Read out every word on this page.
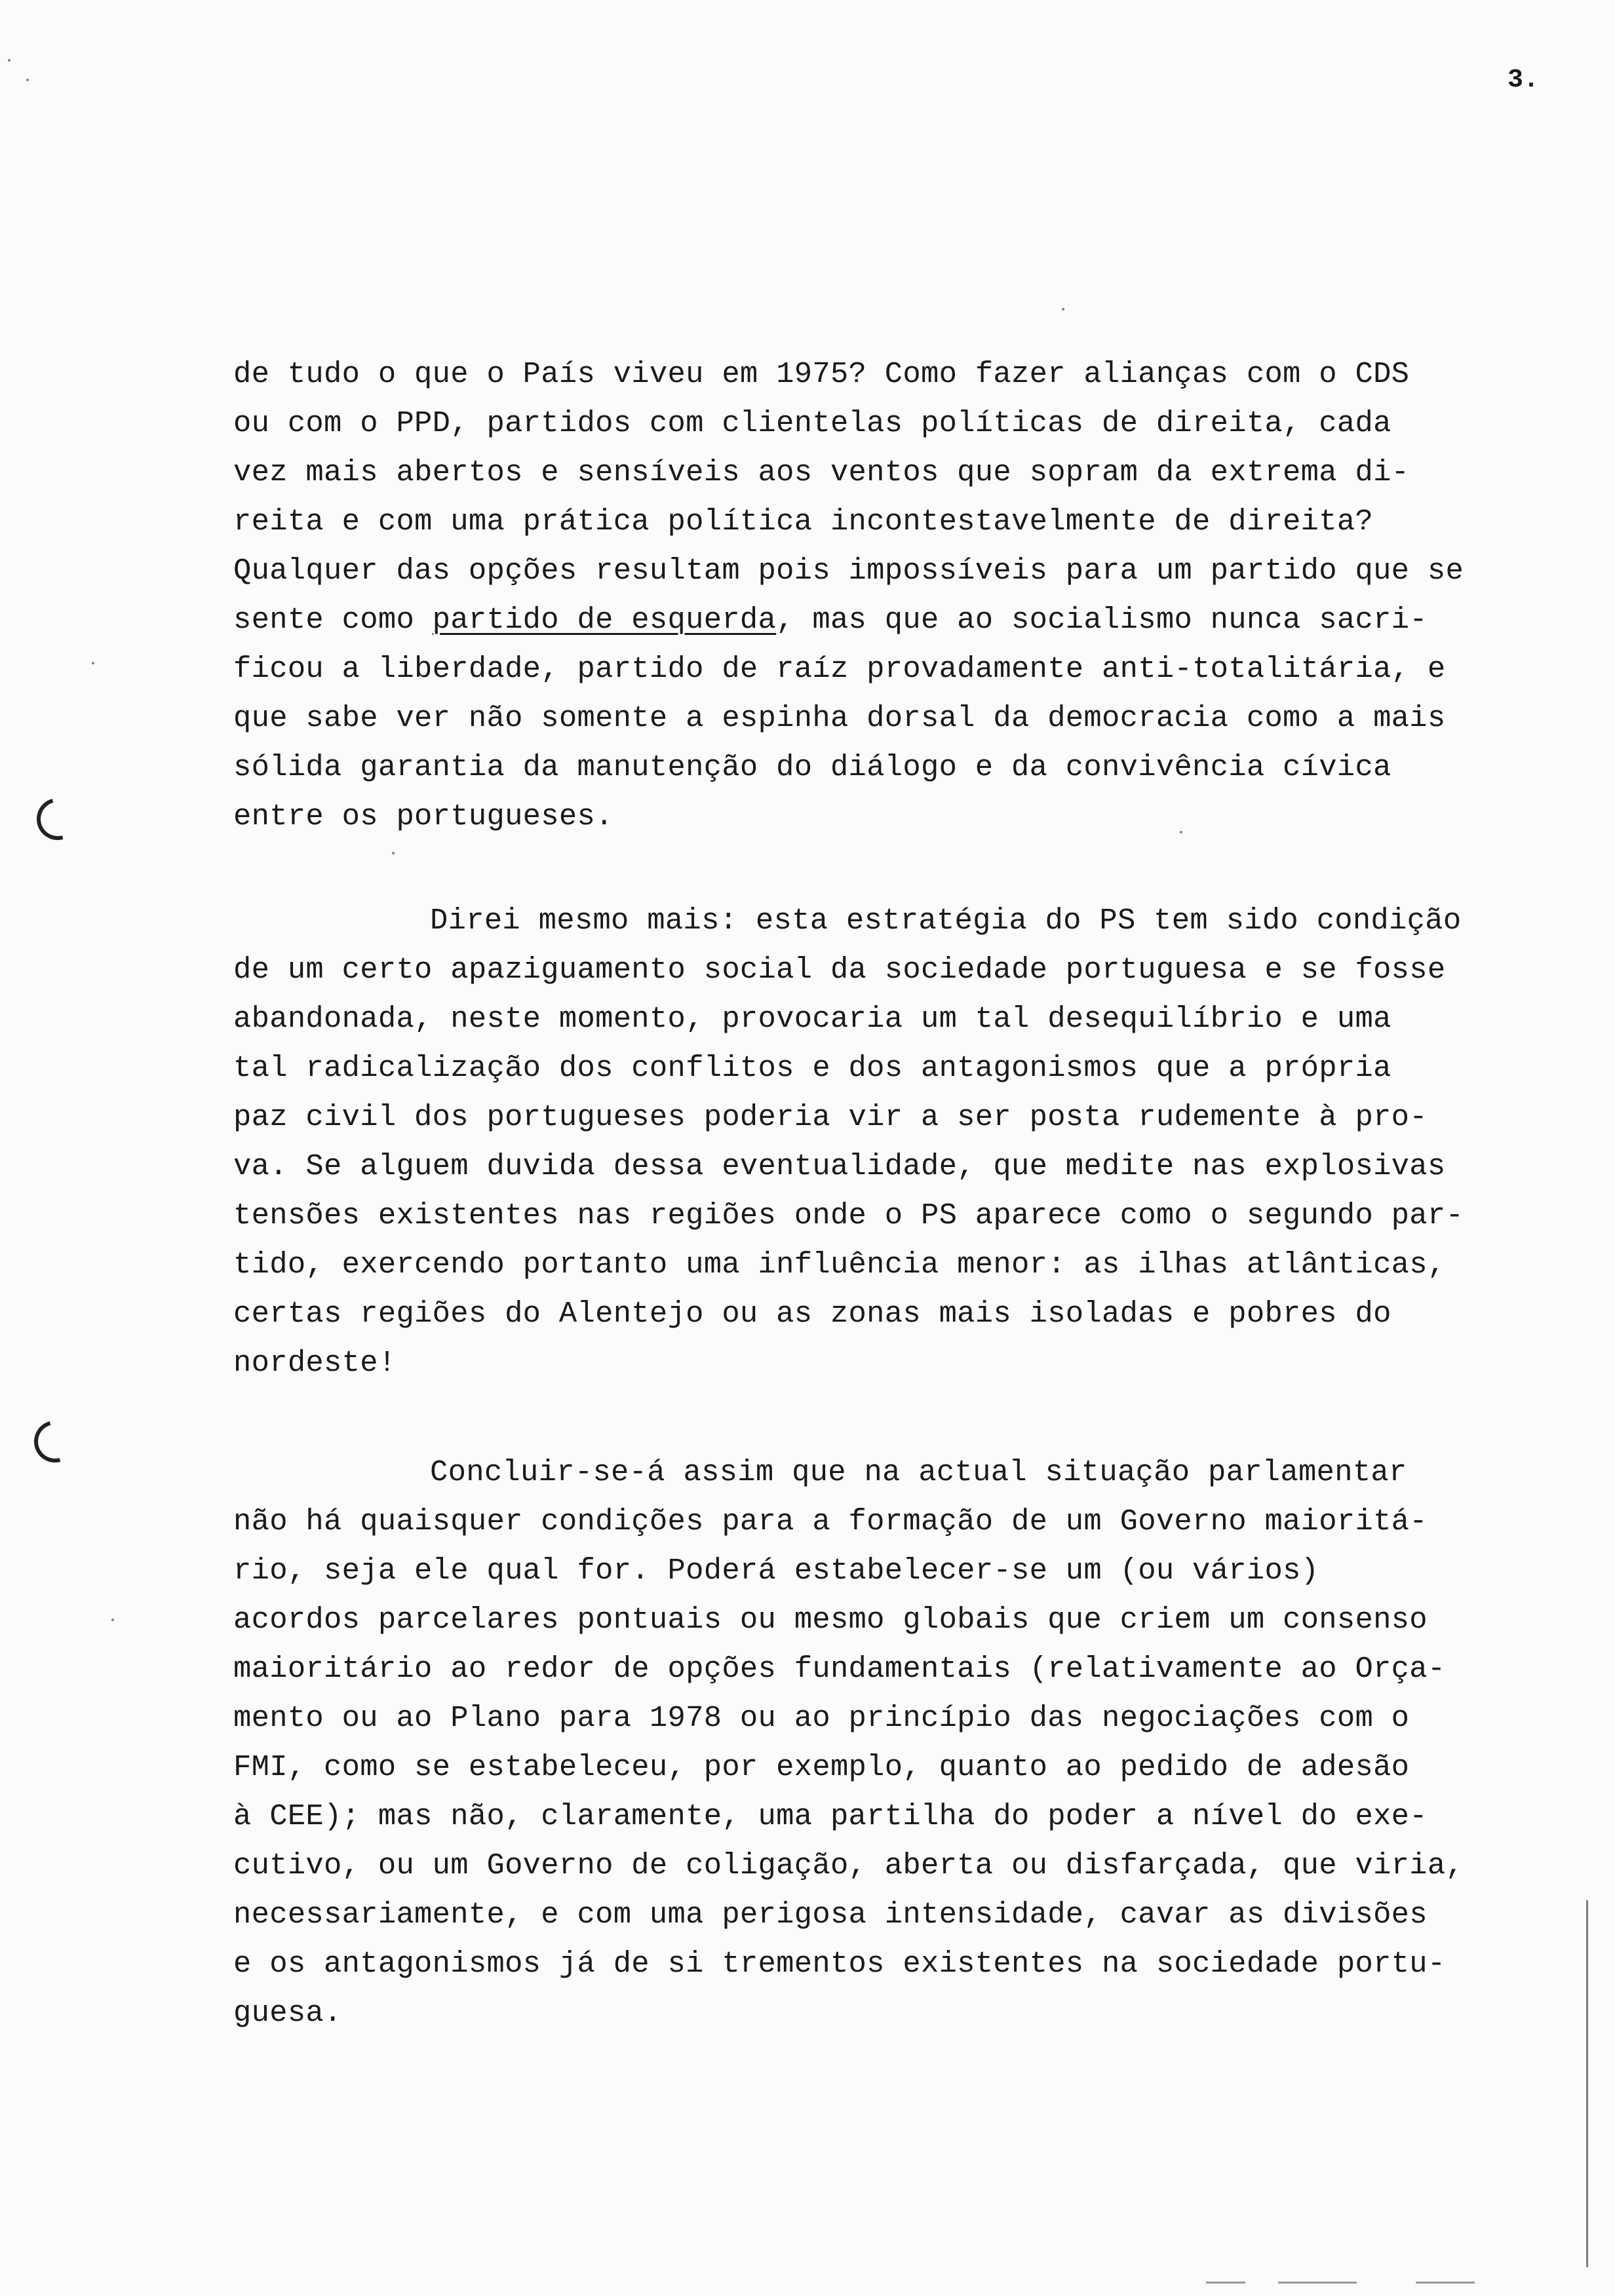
3.
de tudo o que o País viveu em 1975? Como fazer alianças com o CDS
ou com o PPD, partidos com clientelas políticas de direita, cada
vez mais abertos e sensíveis aos ventos que sopram da extrema di-
reita e com uma prática política incontestavelmente de direita?
Qualquer das opções resultam pois impossíveis para um partido que se
sente como partido de esquerda, mas que ao socialismo nunca sacri-
ficou a liberdade, partido de raíz provadamente anti-totalitária, e
que sabe ver não somente a espinha dorsal da democracia como a mais
sólida garantia da manutenção do diálogo e da convivência cívica
entre os portugueses.
Direi mesmo mais: esta estratégia do PS tem sido condição
de um certo apaziguamento social da sociedade portuguesa e se fosse
abandonada, neste momento, provocaria um tal desequilíbrio e uma
tal radicalização dos conflitos e dos antagonismos que a própria
paz civil dos portugueses poderia vir a ser posta rudemente à pro-
va. Se alguem duvida dessa eventualidade, que medite nas explosivas
tensões existentes nas regiões onde o PS aparece como o segundo par-
tido, exercendo portanto uma influência menor: as ilhas atlânticas,
certas regiões do Alentejo ou as zonas mais isoladas e pobres do
nordeste!
Concluir-se-á assim que na actual situação parlamentar
não há quaisquer condições para a formação de um Governo maioritá-
rio, seja ele qual for. Poderá estabelecer-se um (ou vários)
acordos parcelares pontuais ou mesmo globais que criem um consenso
maioritário ao redor de opções fundamentais (relativamente ao Orça-
mento ou ao Plano para 1978 ou ao princípio das negociações com o
FMI, como se estabeleceu, por exemplo, quanto ao pedido de adesão
à CEE); mas não, claramente, uma partilha do poder a nível do exe-
cutivo, ou um Governo de coligação, aberta ou disfarçada, que viria,
necessariamente, e com uma perigosa intensidade, cavar as divisões
e os antagonismos já de si trementos existentes na sociedade portu-
guesa.
